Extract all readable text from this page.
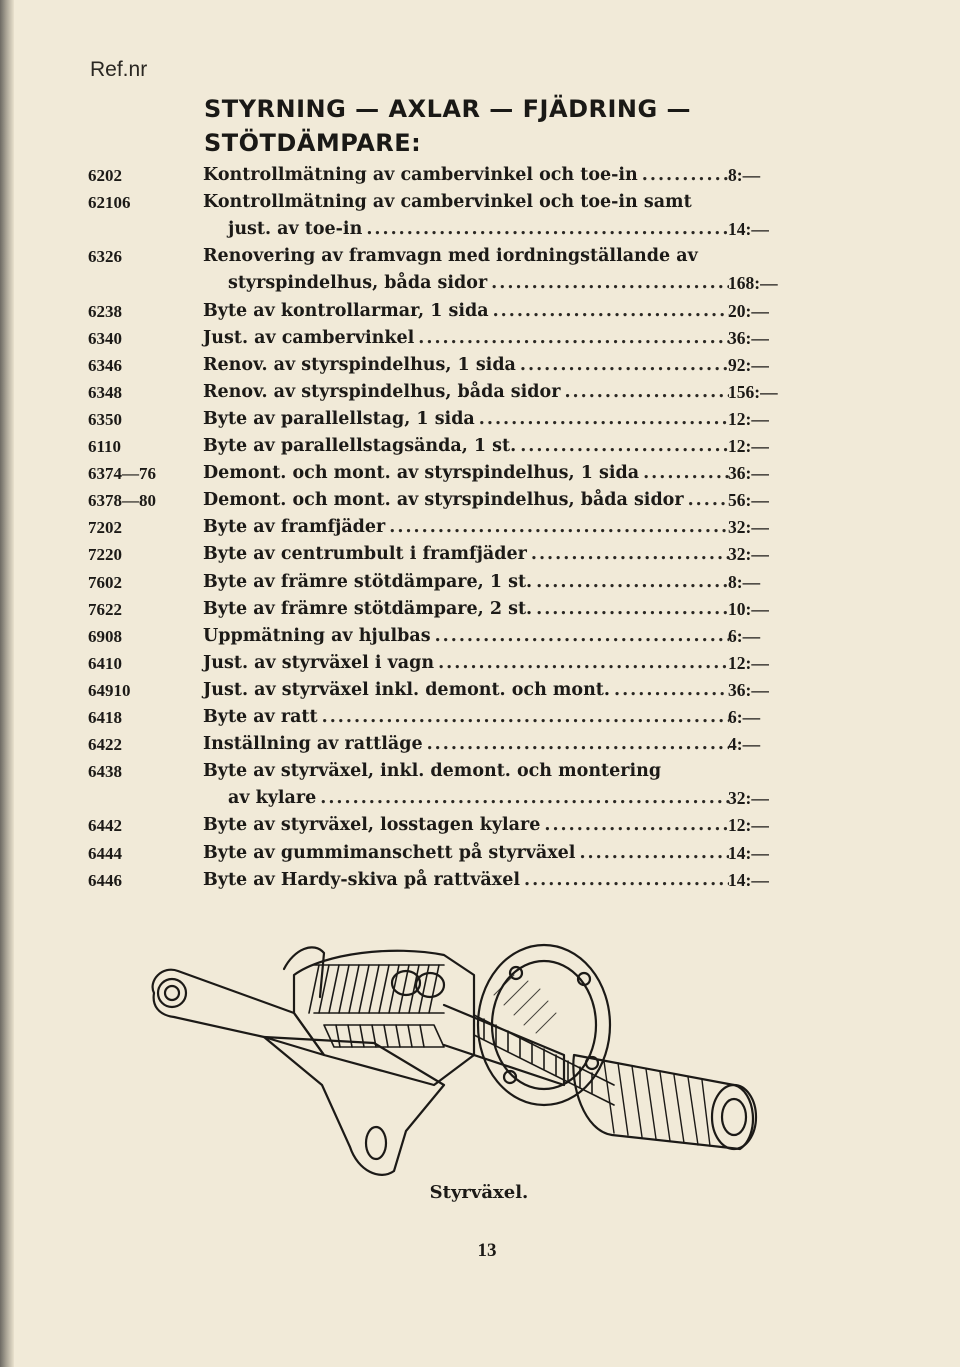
Ref.nr
STYRNING — AXLAR — FJÄDRING —
STÖTDÄMPARE:
6202	Kontrollmätning av cambervinkel och toe-in .....	8:—
62106	Kontrollmätning av cambervinkel och toe-in samt
just. av toe-in .....	14:—
6326	Renovering av framvagn med iordningställande av
styrspindelhus, båda sidor .....	168:—
6238	Byte av kontrollarmar, 1 sida .....	20:—
6340	Just. av cambervinkel .....	36:—
6346	Renov. av styrspindelhus, 1 sida .....	92:—
6348	Renov. av styrspindelhus, båda sidor .....	156:—
6350	Byte av parallellstag, 1 sida .....	12:—
6110	Byte av parallellstagsända, 1 st. .....	12:—
6374—76	Demont. och mont. av styrspindelhus, 1 sida .....	36:—
6378—80	Demont. och mont. av styrspindelhus, båda sidor .....	56:—
7202	Byte av framfjäder .....	32:—
7220	Byte av centrumbult i framfjäder .....	32:—
7602	Byte av främre stötdämpare, 1 st. .....	8:—
7622	Byte av främre stötdämpare, 2 st. .....	10:—
6908	Uppmätning av hjulbas .....	6:—
6410	Just. av styrväxel i vagn .....	12:—
64910	Just. av styrväxel inkl. demont. och mont. .....	36:—
6418	Byte av ratt .....	6:—
6422	Inställning av rattläge .....	4:—
6438	Byte av styrväxel, inkl. demont. och montering
av kylare .....	32:—
6442	Byte av styrväxel, losstagen kylare .....	12:—
6444	Byte av gummimanschett på styrväxel .....	14:—
6446	Byte av Hardy-skiva på rattväxel .....	14:—
Styrväxel.
13
